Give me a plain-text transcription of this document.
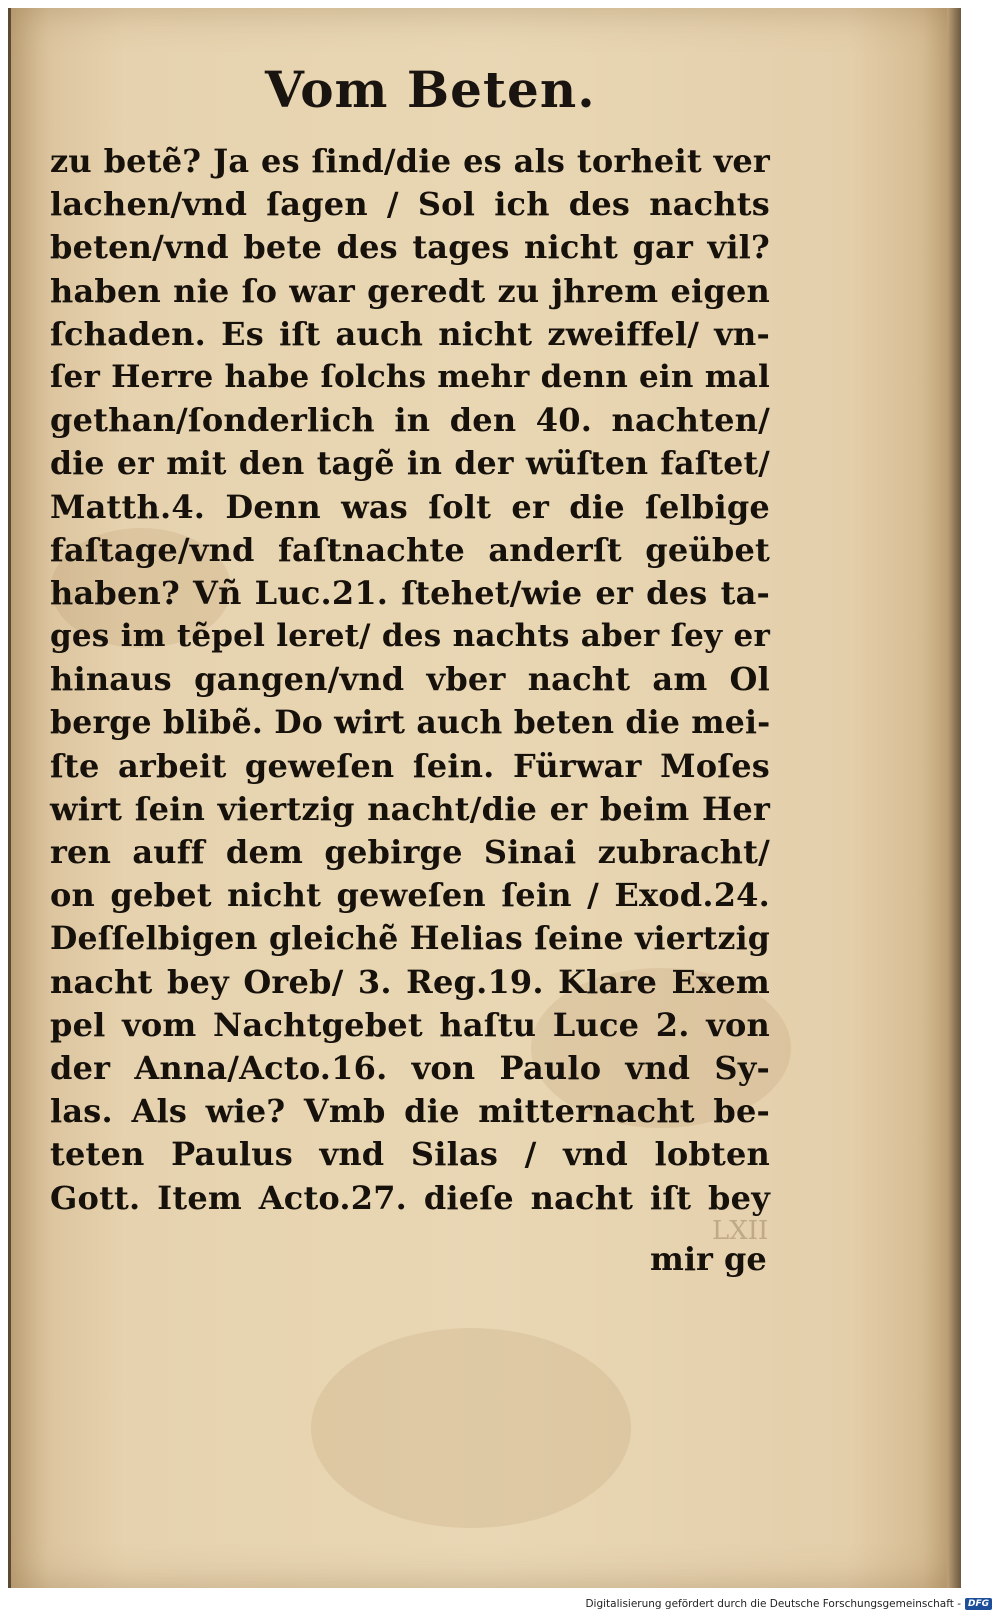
Vom Beten.
zu betẽ? Ja es ſind/die es als torheit ver
lachen/vnd ſagen / Sol ich des nachts
beten/vnd bete des tages nicht gar vil?
haben nie ſo war geredt zu jhrem eigen
ſchaden. Es iſt auch nicht zweiffel/ vn-
ſer Herre habe ſolchs mehr denn ein mal
gethan/ſonderlich in den 40. nachten/
die er mit den tagẽ in der wüſten faſtet/
Matth.4. Denn was ſolt er die ſelbige
faſtage/vnd faſtnachte anderſt geübet
haben? Vñ Luc.21. ſtehet/wie er des ta-
ges im tẽpel leret/ des nachts aber ſey er
hinaus gangen/vnd vber nacht am Ol
berge blibẽ. Do wirt auch beten die mei-
ſte arbeit geweſen ſein. Fürwar Moſes
wirt ſein viertzig nacht/die er beim Her
ren auff dem gebirge Sinai zubracht/
on gebet nicht geweſen ſein / Exod.24.
Deſſelbigen gleichẽ Helias ſeine viertzig
nacht bey Oreb/ 3. Reg.19. Klare Exem
pel vom Nachtgebet haſtu Luce 2. von
der Anna/Acto.16. von Paulo vnd Sy-
las. Als wie? Vmb die mitternacht be-
teten Paulus vnd Silas / vnd lobten
Gott. Item Acto.27. dieſe nacht iſt bey
LXII
mir ge
Digitalisierung gefördert durch die Deutsche Forschungsgemeinschaft - DFG
